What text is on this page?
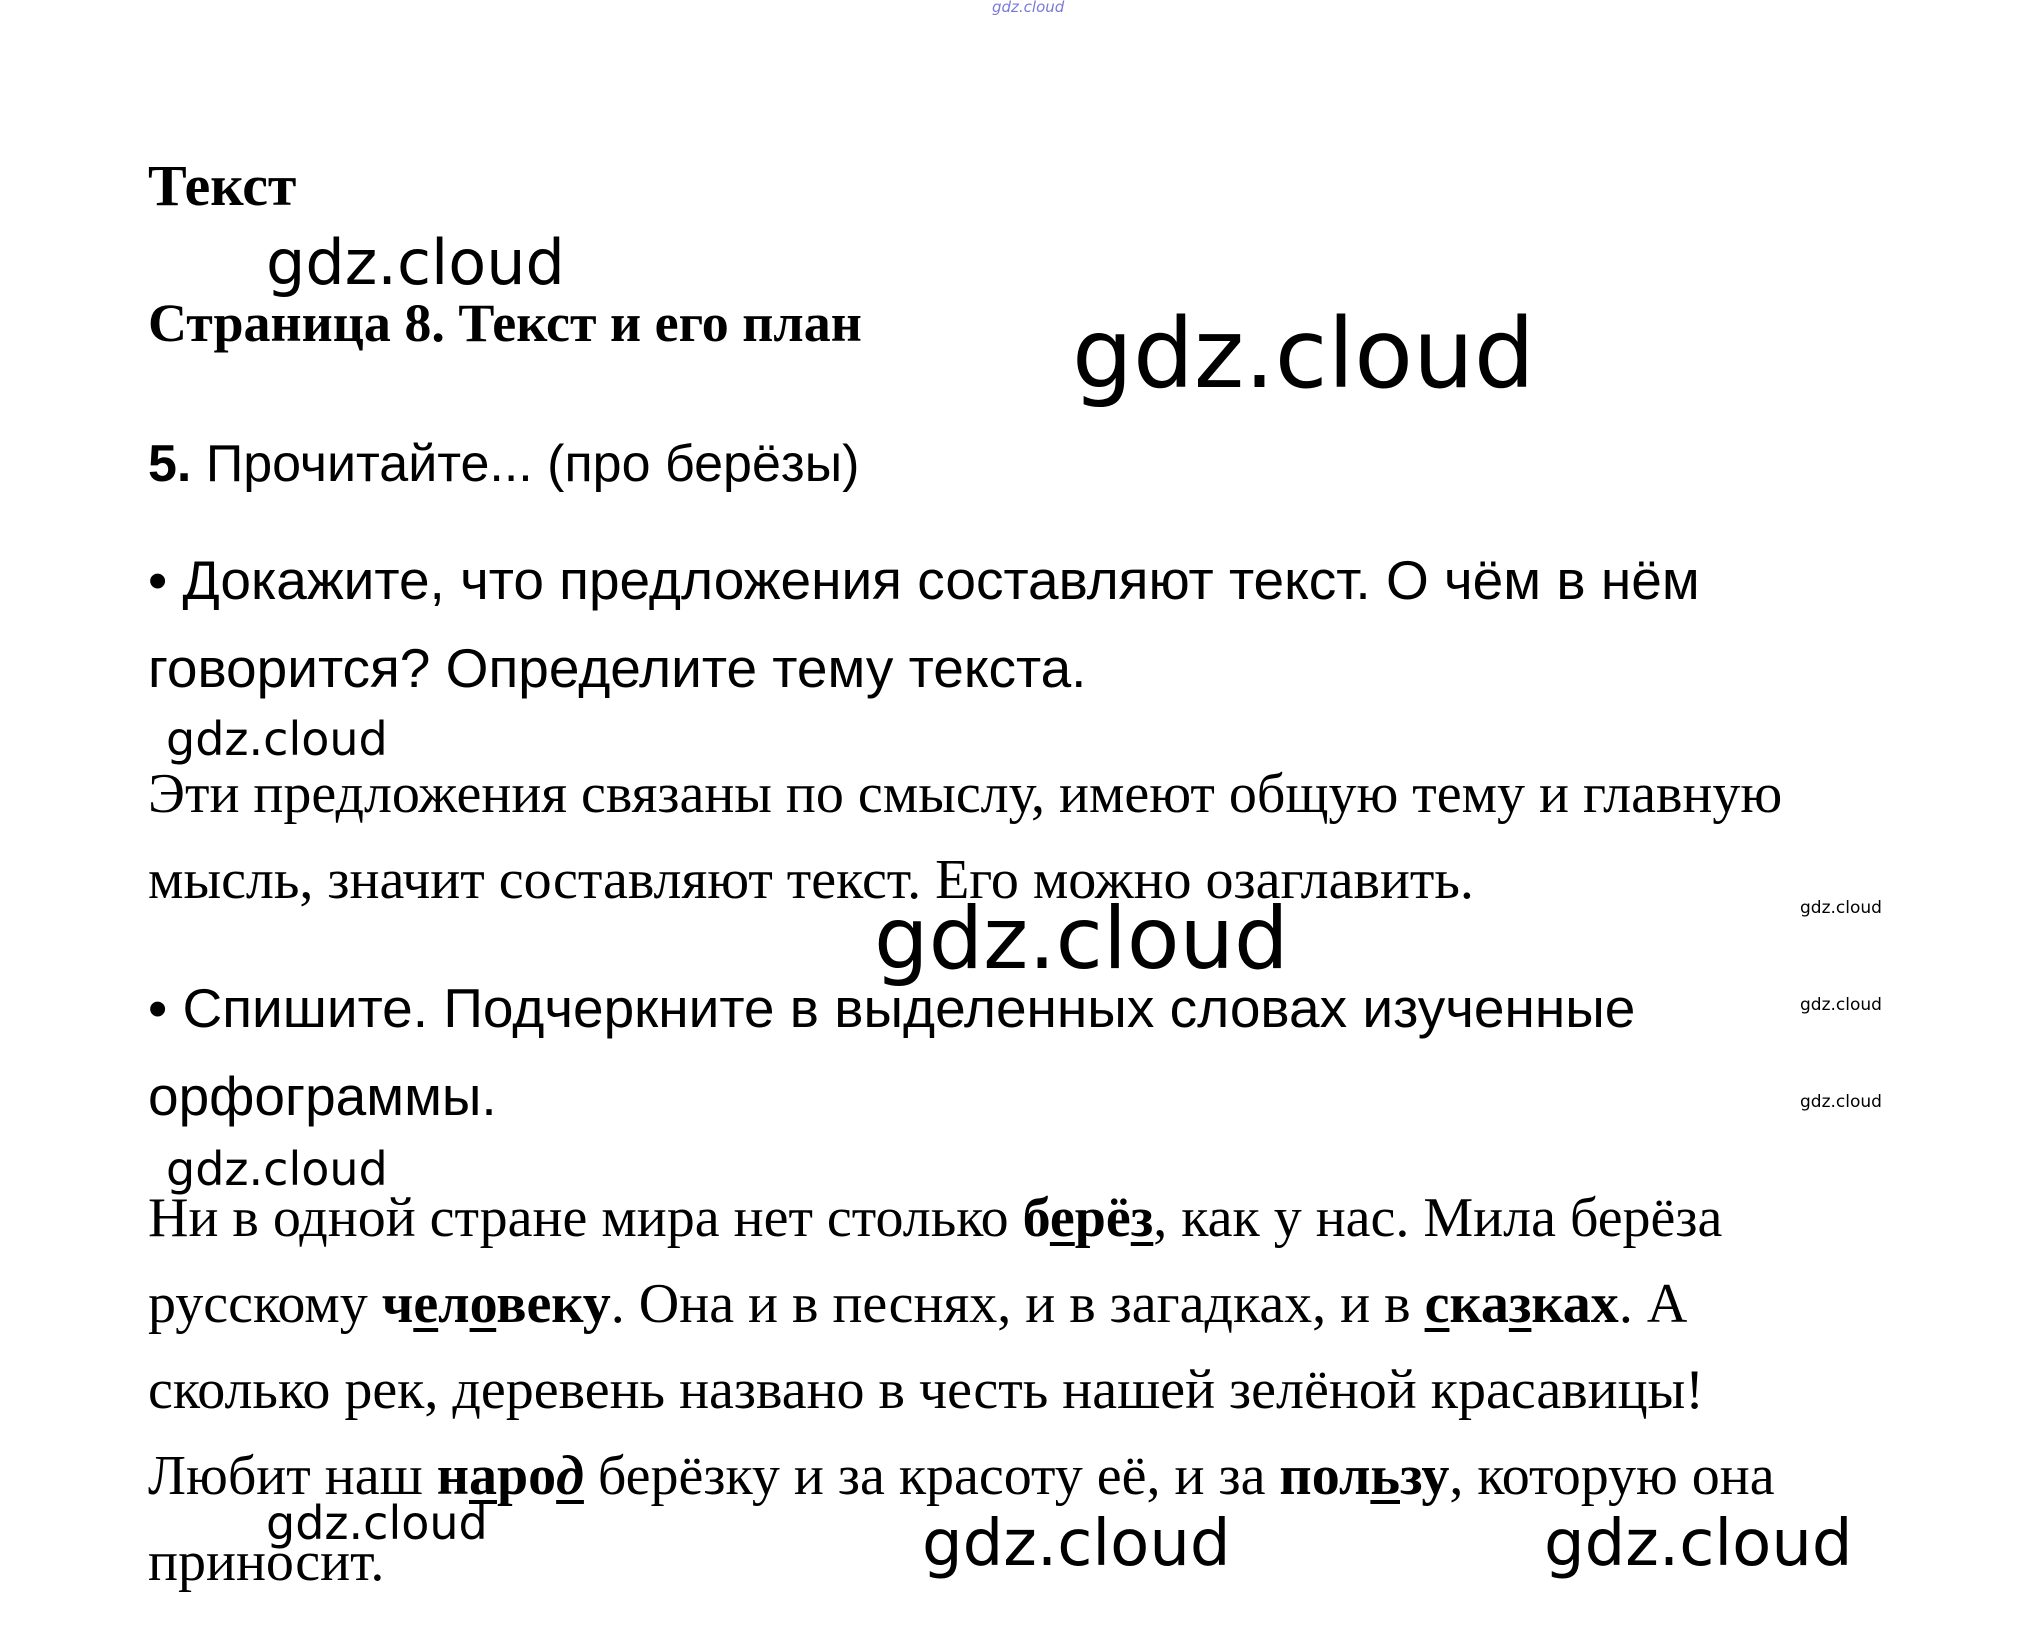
gdz.cloud
gdz.cloud
gdz.cloud
gdz.cloud
gdz.cloud	gdz.cloud
gdz.cloud
gdz.cloud
gdz.cloud
gdz.cloud	gdz.cloud	gdz.cloud
Текст
Страница 8. Текст и его план
5. Прочитайте... (про берёзы)
• Докажите, что предложения составляют текст. О чём в нём
говорится? Определите тему текста.
Эти предложения связаны по смыслу, имеют общую тему и главную
мысль, значит составляют текст. Его можно озаглавить.
• Спишите. Подчеркните в выделенных словах изученные
орфограммы.
Ни в одной стране мира нет столько берёз, как у нас. Мила берёза
русскому человеку. Она и в песнях, и в загадках, и в сказках. А
сколько рек, деревень названо в честь нашей зелёной красавицы!
Любит наш народ берёзку и за красоту её, и за пользу, которую она
приносит.
